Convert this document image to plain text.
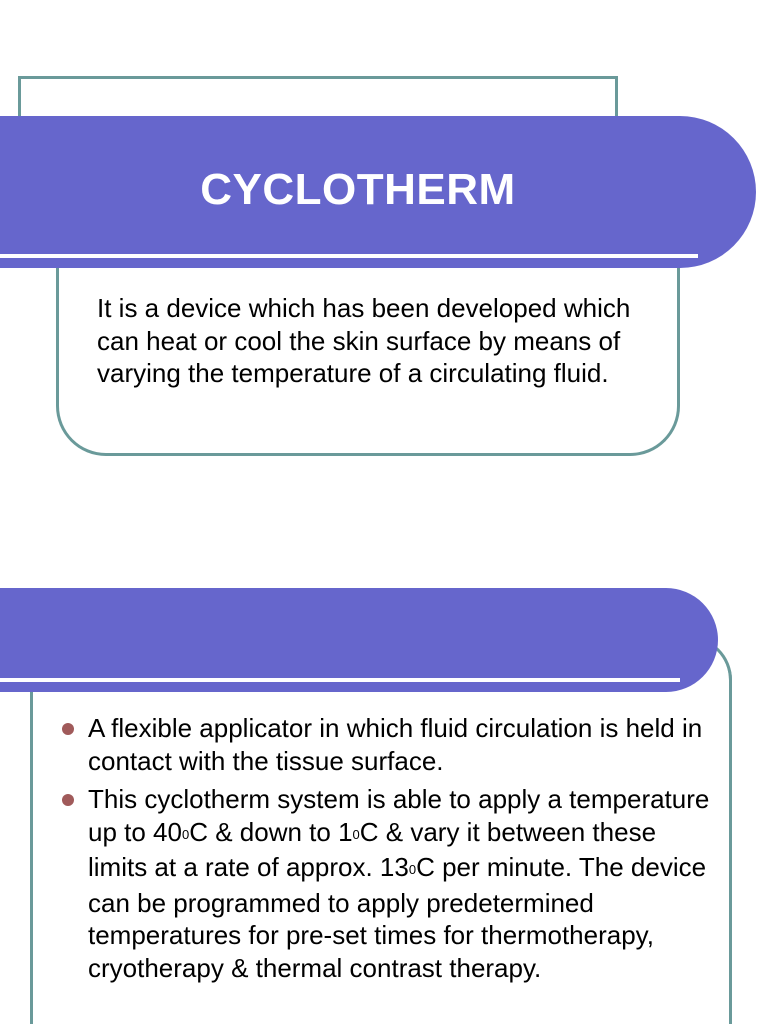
CYCLOTHERM

It is a device which has been developed which can heat or cool the skin surface by means of varying the temperature of a circulating fluid.

A flexible applicator in which fluid circulation is held in contact with the tissue surface.
This cyclotherm system is able to apply a temperature up to 400C & down to 10C & vary it between these limits at a rate of approx. 130C per minute. The device can be programmed to apply predetermined temperatures for pre-set times for thermotherapy, cryotherapy & thermal contrast therapy.
